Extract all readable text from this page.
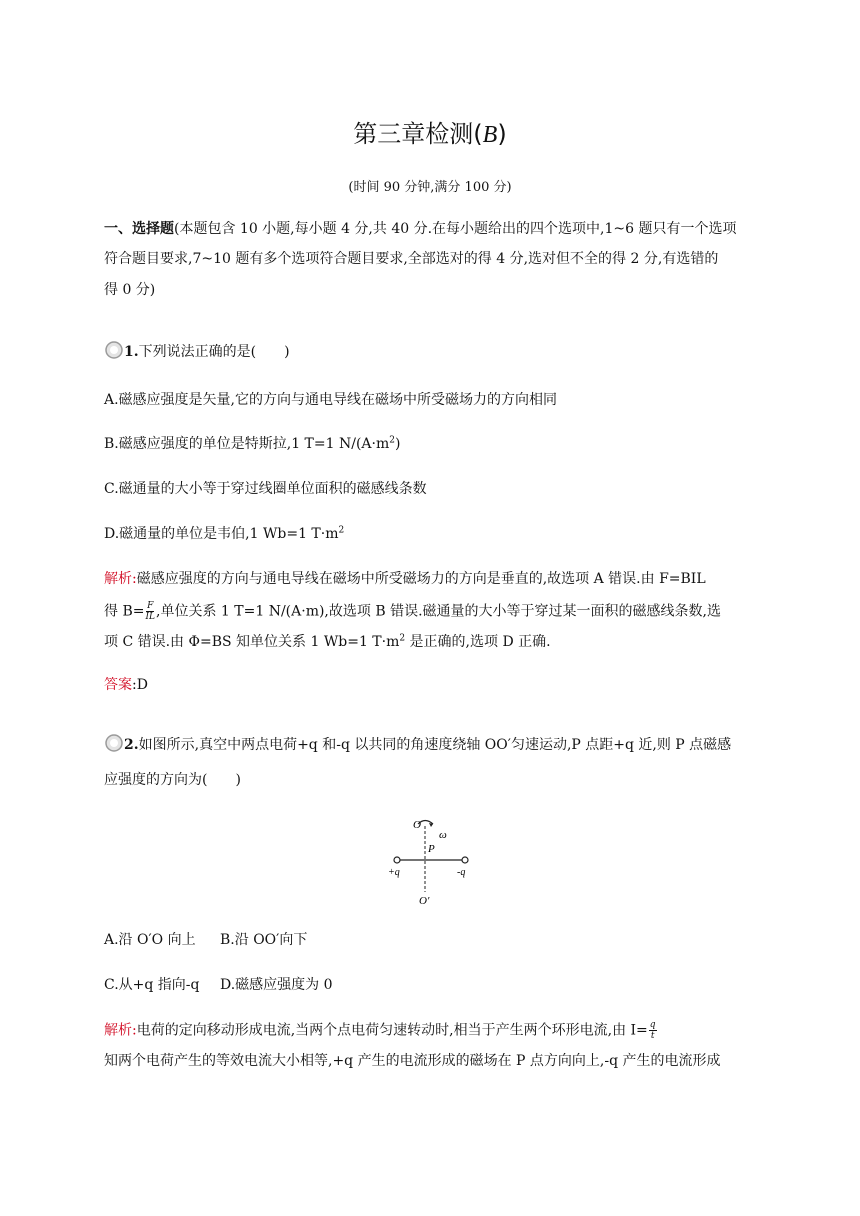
第三章检测(B)
(时间 90 分钟,满分 100 分)
一、选择题(本题包含 10 小题,每小题 4 分,共 40 分.在每小题给出的四个选项中,1~6 题只有一个选项
符合题目要求,7~10 题有多个选项符合题目要求,全部选对的得 4 分,选对但不全的得 2 分,有选错的
得 0 分)
1.下列说法正确的是(　　)
A.磁感应强度是矢量,它的方向与通电导线在磁场中所受磁场力的方向相同
B.磁感应强度的单位是特斯拉,1 T=1 $N/(A\cdot m^2)$
C.磁通量的大小等于穿过线圈单位面积的磁感线条数
D.磁通量的单位是韦伯,1 Wb=1 $T\cdot m^2$
解析:磁感应强度的方向与通电导线在磁场中所受磁场力的方向是垂直的,故选项 A 错误.由 F=BIL
得 $B= \frac{F}{IL}$ ,单位关系 1 T=1 N/(A·m),故选项 B 错误.磁通量的大小等于穿过某一面积的磁感线条数,选
项 C 错误.由 Φ=BS 知单位关系 1 Wb=1 $T\cdot m^2$ 是正确的,选项 D 正确.
答案:D
2.如图所示,真空中两点电荷+q 和-q 以共同的角速度绕轴 OO′匀速运动,P 点距+q 近,则 P 点磁感
应强度的方向为(　　)
O
ω
P
+q	-q
O′
A.沿 O′O 向上 B.沿 OO′向下
C.从+q 指向-q D.磁感应强度为 0
解析:电荷的定向移动形成电流,当两个点电荷匀速转动时,相当于产生两个环形电流,由 $I= \frac{q}{t}$
知两个电荷产生的等效电流大小相等,+q 产生的电流形成的磁场在 P 点方向向上,-q 产生的电流形成
